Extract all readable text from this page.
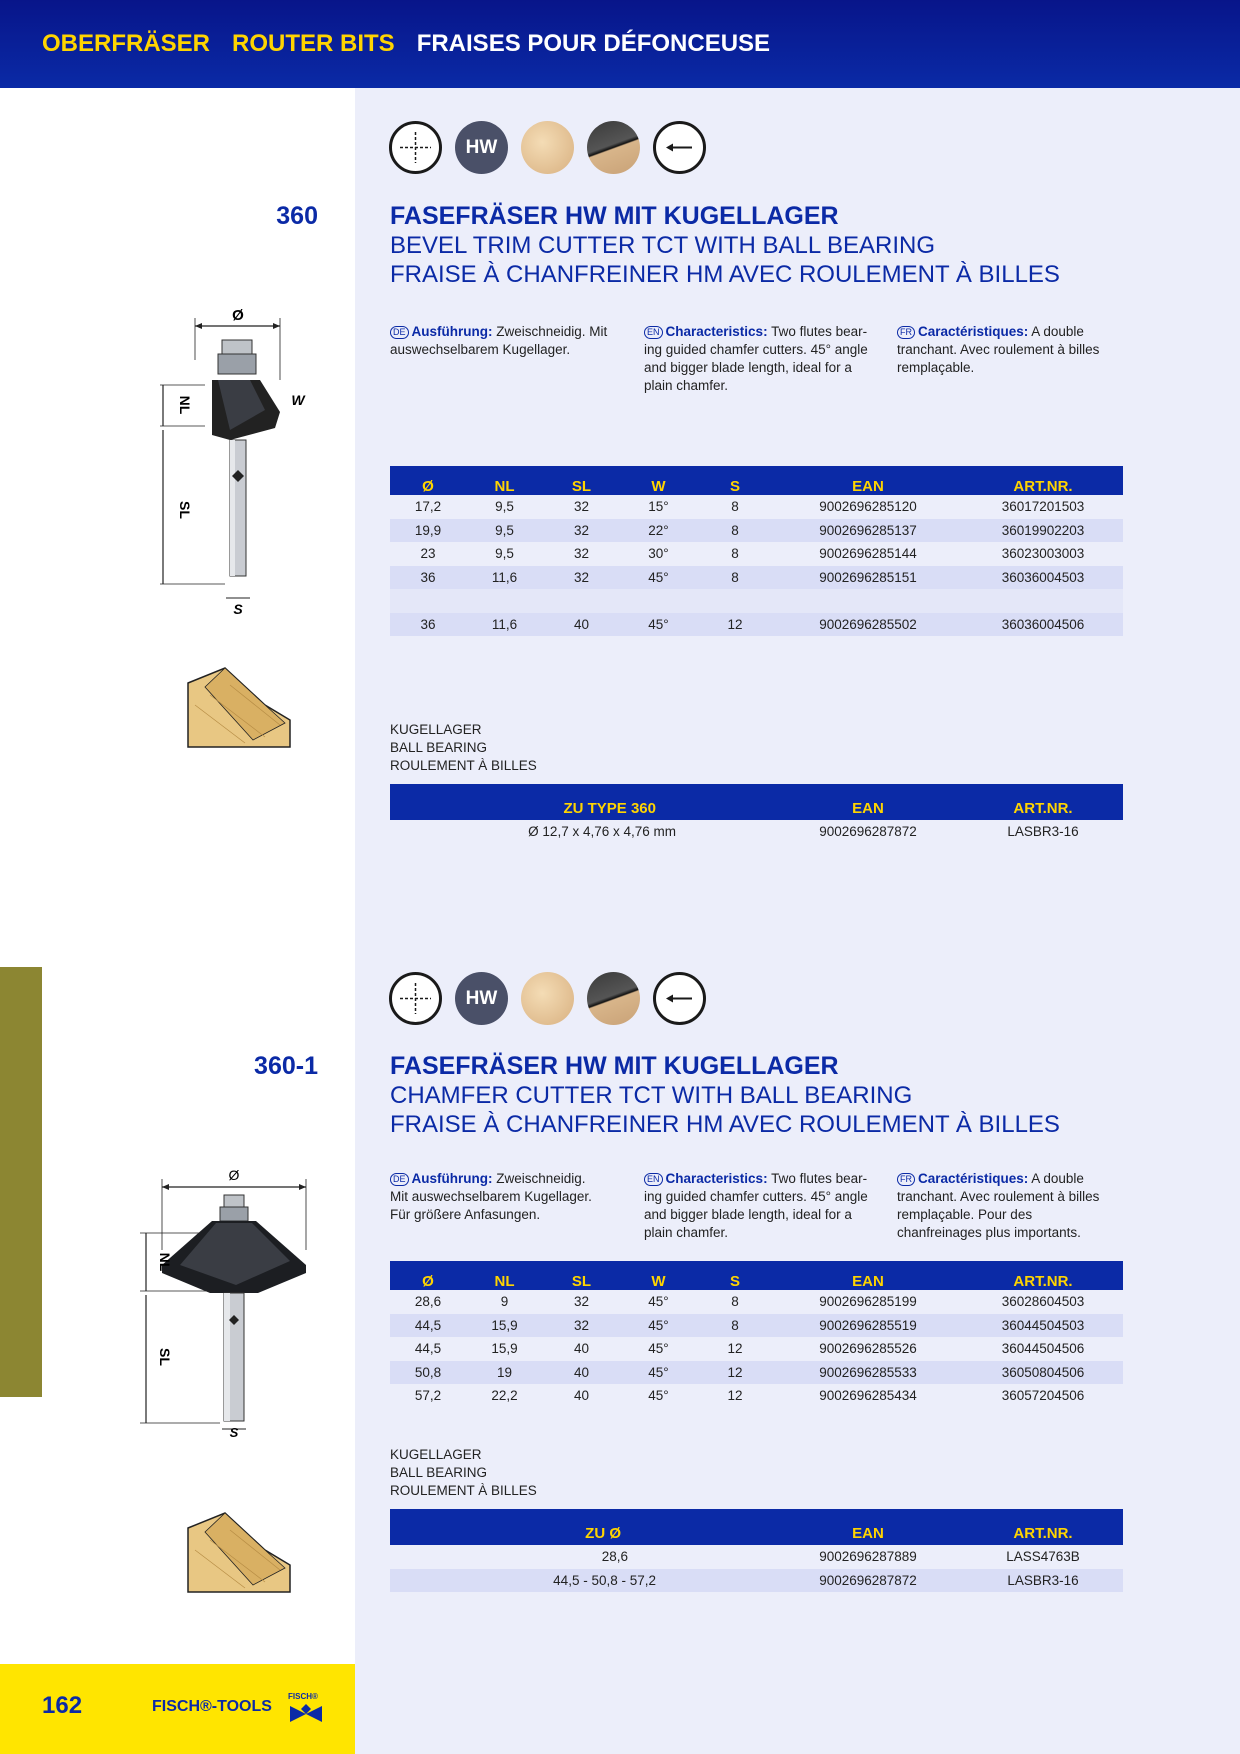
OBERFRÄSER ROUTER BITS FRAISES POUR DÉFONCEUSE
HW
360	FASEFRÄSER HW MIT KUGELLAGER
BEVEL TRIM CUTTER TCT WITH BALL BEARING
FRAISE À CHANFREINER HM AVEC ROULEMENT À BILLES
Ø
NL	W
SL
S
DE Ausführung: Zweischneidig. Mit auswechselbarem Kugellager.
EN Characteristics: Two flutes bear-ing guided chamfer cutters. 45° angle and bigger blade length, ideal for a plain chamfer.
FR Caractéristiques: A double tranchant. Avec roulement à billes remplaçable.
Ø	NL	SL	W	S	EAN	ART.NR.
17,2	9,5	32	15°	8	9002696285120	36017201503
19,9	9,5	32	22°	8	9002696285137	36019902203
23	9,5	32	30°	8	9002696285144	36023003003
36	11,6	32	45°	8	9002696285151	36036004503

36	11,6	40	45°	12	9002696285502	36036004506
KUGELLAGER
BALL BEARING
ROULEMENT À BILLES
ZU TYPE 360	EAN	ART.NR.
Ø 12,7 x 4,76 x 4,76 mm	9002696287872	LASBR3-16
HW
360-1	FASEFRÄSER HW MIT KUGELLAGER
CHAMFER CUTTER TCT WITH BALL BEARING
FRAISE À CHANFREINER HM AVEC ROULEMENT À BILLES
Ø
NL
SL
S
DE Ausführung: Zweischneidig. Mit auswechselbarem Kugellager. Für größere Anfasungen.
EN Characteristics: Two flutes bear-ing guided chamfer cutters. 45° angle and bigger blade length, ideal for a plain chamfer.
FR Caractéristiques: A double tranchant. Avec roulement à billes remplaçable. Pour des chanfreinages plus importants.
Ø	NL	SL	W	S	EAN	ART.NR.
28,6	9	32	45°	8	9002696285199	36028604503
44,5	15,9	32	45°	8	9002696285519	36044504503
44,5	15,9	40	45°	12	9002696285526	36044504506
50,8	19	40	45°	12	9002696285533	36050804506
57,2	22,2	40	45°	12	9002696285434	36057204506
KUGELLAGER
BALL BEARING
ROULEMENT À BILLES
ZU Ø	EAN	ART.NR.
28,6	9002696287889	LASS4763B
44,5 - 50,8 - 57,2	9002696287872	LASBR3-16
162	FISCH®-TOOLS
FISCH®
